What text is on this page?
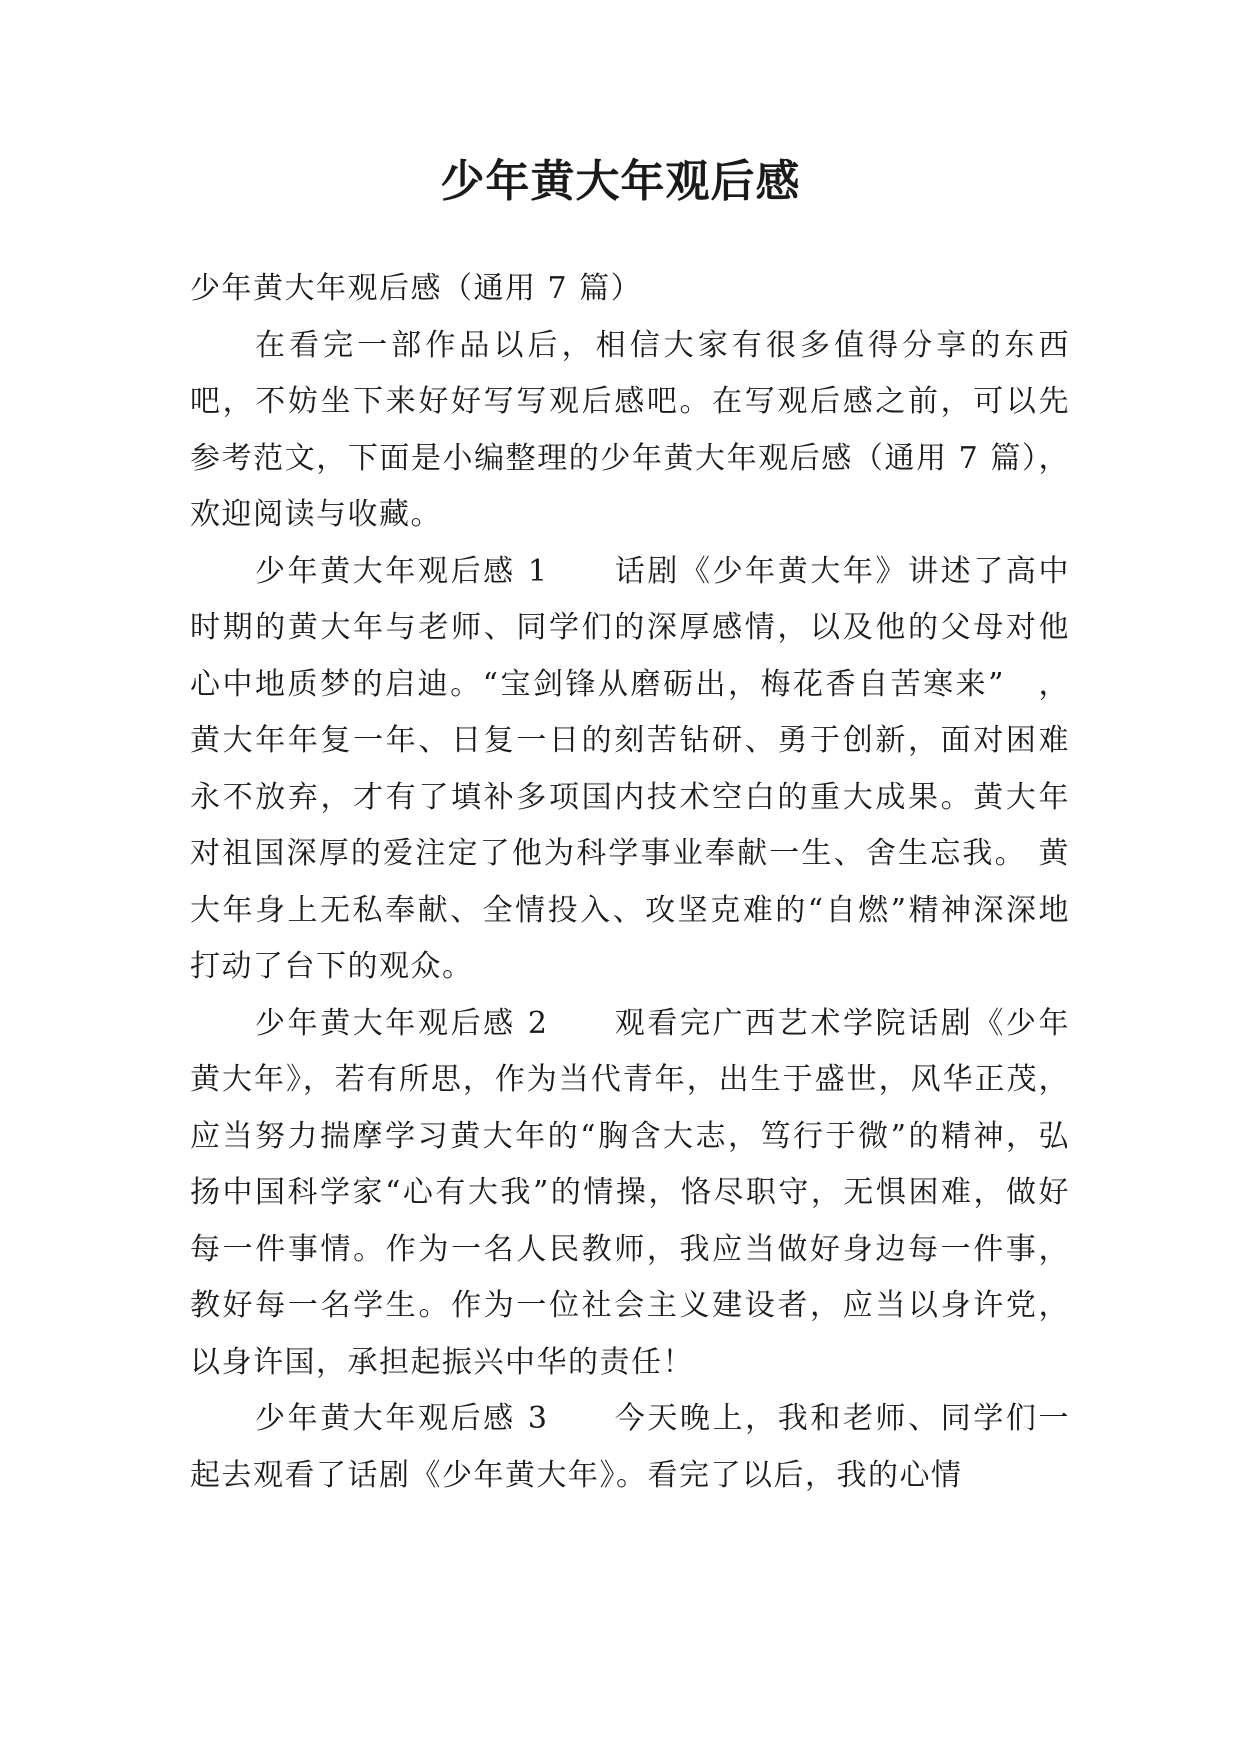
少年黄大年观后感

少年黄大年观后感（通用 7 篇）

在看完一部作品以后，相信大家有很多值得分享的东西吧，不妨坐下来好好写写观后感吧。在写观后感之前，可以先参考范文，下面是小编整理的少年黄大年观后感（通用 7 篇），欢迎阅读与收藏。

少年黄大年观后感 1　　 话剧《少年黄大年》讲述了高中时期的黄大年与老师、同学们的深厚感情，以及他的父母对他心中地质梦的启迪。“宝剑锋从磨砺出，梅花香自苦寒来”　，黄大年年复一年、日复一日的刻苦钻研、勇于创新，面对困难永不放弃，才有了填补多项国内技术空白的重大成果。黄大年对祖国深厚的爱注定了他为科学事业奉献一生、舍生忘我。 黄大年身上无私奉献、全情投入、攻坚克难的“自燃”精神深深地打动了台下的观众。

少年黄大年观后感 2　　 观看完广西艺术学院话剧《少年黄大年》，若有所思，作为当代青年，出生于盛世，风华正茂，应当努力揣摩学习黄大年的“胸含大志，笃行于微”的精神，弘扬中国科学家“心有大我”的情操，恪尽职守，无惧困难，做好每一件事情。作为一名人民教师，我应当做好身边每一件事，教好每一名学生。作为一位社会主义建设者，应当以身许党，以身许国，承担起振兴中华的责任！

少年黄大年观后感 3　　 今天晚上，我和老师、同学们一起去观看了话剧《少年黄大年》。看完了以后，我的心情
